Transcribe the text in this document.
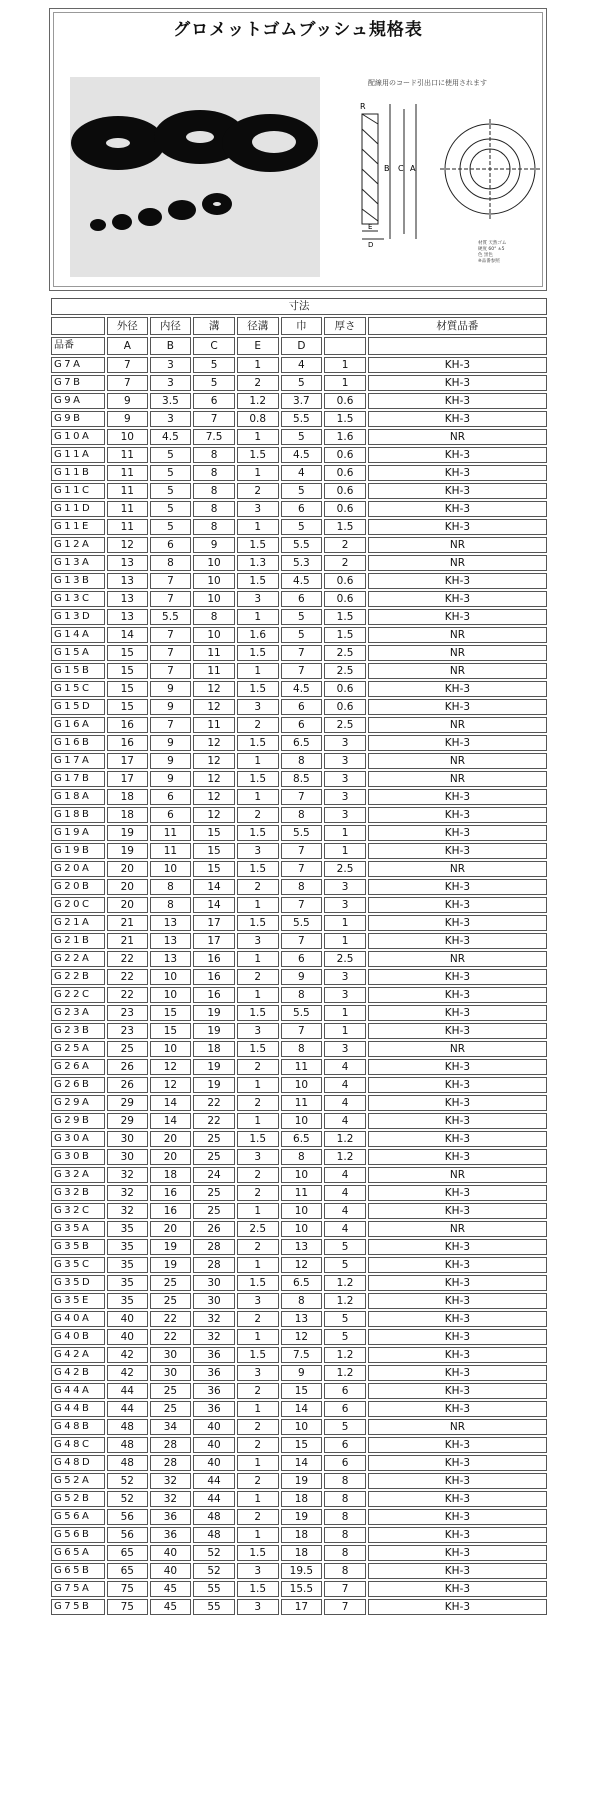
グロメットゴムブッシュ規格表
配線用のコード引出口に使用されます
R
B C A
E
D	材質 天然ゴム
硬度 60° ±5
色 黒色
※品番参照
寸法							
	外径	内径	溝	径溝	巾	厚さ	材質品番
品番	A	B	C	E	D		
G7A	7	3	5	1	4	1	KH-3
G7B	7	3	5	2	5	1	KH-3
G9A	9	3.5	6	1.2	3.7	0.6	KH-3
G9B	9	3	7	0.8	5.5	1.5	KH-3
G10A	10	4.5	7.5	1	5	1.6	NR
G11A	11	5	8	1.5	4.5	0.6	KH-3
G11B	11	5	8	1	4	0.6	KH-3
G11C	11	5	8	2	5	0.6	KH-3
G11D	11	5	8	3	6	0.6	KH-3
G11E	11	5	8	1	5	1.5	KH-3
G12A	12	6	9	1.5	5.5	2	NR
G13A	13	8	10	1.3	5.3	2	NR
G13B	13	7	10	1.5	4.5	0.6	KH-3
G13C	13	7	10	3	6	0.6	KH-3
G13D	13	5.5	8	1	5	1.5	KH-3
G14A	14	7	10	1.6	5	1.5	NR
G15A	15	7	11	1.5	7	2.5	NR
G15B	15	7	11	1	7	2.5	NR
G15C	15	9	12	1.5	4.5	0.6	KH-3
G15D	15	9	12	3	6	0.6	KH-3
G16A	16	7	11	2	6	2.5	NR
G16B	16	9	12	1.5	6.5	3	KH-3
G17A	17	9	12	1	8	3	NR
G17B	17	9	12	1.5	8.5	3	NR
G18A	18	6	12	1	7	3	KH-3
G18B	18	6	12	2	8	3	KH-3
G19A	19	11	15	1.5	5.5	1	KH-3
G19B	19	11	15	3	7	1	KH-3
G20A	20	10	15	1.5	7	2.5	NR
G20B	20	8	14	2	8	3	KH-3
G20C	20	8	14	1	7	3	KH-3
G21A	21	13	17	1.5	5.5	1	KH-3
G21B	21	13	17	3	7	1	KH-3
G22A	22	13	16	1	6	2.5	NR
G22B	22	10	16	2	9	3	KH-3
G22C	22	10	16	1	8	3	KH-3
G23A	23	15	19	1.5	5.5	1	KH-3
G23B	23	15	19	3	7	1	KH-3
G25A	25	10	18	1.5	8	3	NR
G26A	26	12	19	2	11	4	KH-3
G26B	26	12	19	1	10	4	KH-3
G29A	29	14	22	2	11	4	KH-3
G29B	29	14	22	1	10	4	KH-3
G30A	30	20	25	1.5	6.5	1.2	KH-3
G30B	30	20	25	3	8	1.2	KH-3
G32A	32	18	24	2	10	4	NR
G32B	32	16	25	2	11	4	KH-3
G32C	32	16	25	1	10	4	KH-3
G35A	35	20	26	2.5	10	4	NR
G35B	35	19	28	2	13	5	KH-3
G35C	35	19	28	1	12	5	KH-3
G35D	35	25	30	1.5	6.5	1.2	KH-3
G35E	35	25	30	3	8	1.2	KH-3
G40A	40	22	32	2	13	5	KH-3
G40B	40	22	32	1	12	5	KH-3
G42A	42	30	36	1.5	7.5	1.2	KH-3
G42B	42	30	36	3	9	1.2	KH-3
G44A	44	25	36	2	15	6	KH-3
G44B	44	25	36	1	14	6	KH-3
G48B	48	34	40	2	10	5	NR
G48C	48	28	40	2	15	6	KH-3
G48D	48	28	40	1	14	6	KH-3
G52A	52	32	44	2	19	8	KH-3
G52B	52	32	44	1	18	8	KH-3
G56A	56	36	48	2	19	8	KH-3
G56B	56	36	48	1	18	8	KH-3
G65A	65	40	52	1.5	18	8	KH-3
G65B	65	40	52	3	19.5	8	KH-3
G75A	75	45	55	1.5	15.5	7	KH-3
G75B	75	45	55	3	17	7	KH-3
